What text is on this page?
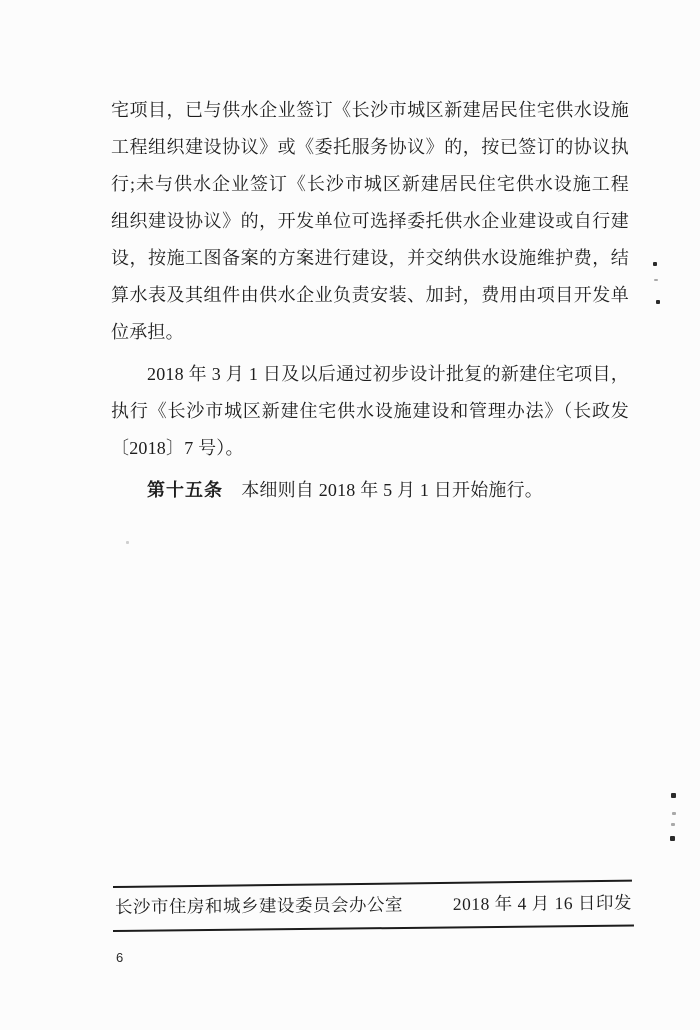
宅项目，已与供水企业签订《长沙市城区新建居民住宅供水设施
工程组织建设协议》或《委托服务协议》的，按已签订的协议执
行;未与供水企业签订《长沙市城区新建居民住宅供水设施工程
组织建设协议》的，开发单位可选择委托供水企业建设或自行建
设，按施工图备案的方案进行建设，并交纳供水设施维护费，结
算水表及其组件由供水企业负责安装、加封，费用由项目开发单
位承担。
2018 年 3 月 1 日及以后通过初步设计批复的新建住宅项目，
执行《长沙市城区新建住宅供水设施建设和管理办法》（长政发
〔2018〕7 号）。
第十五条　本细则自 2018 年 5 月 1 日开始施行。
长沙市住房和城乡建设委员会办公室	2018 年 4 月 16 日印发
6
